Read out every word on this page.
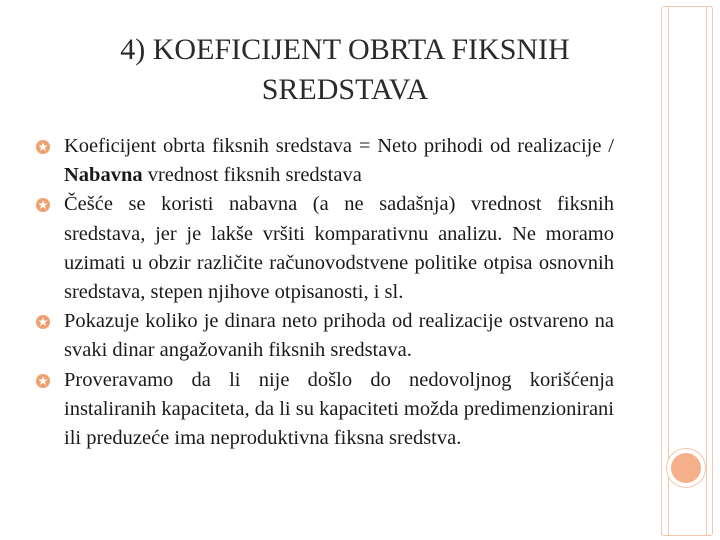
4) KOEFICIJENT OBRTA FIKSNIH
SREDSTAVA
Koeficijent obrta fiksnih sredstava = Neto prihodi od realizacije / Nabavna vrednost fiksnih sredstava
Češće se koristi nabavna (a ne sadašnja) vrednost fiksnih sredstava, jer je lakše vršiti komparativnu analizu. Ne moramo uzimati u obzir različite računovodstvene politike otpisa osnovnih sredstava, stepen njihove otpisanosti, i sl.
Pokazuje koliko je dinara neto prihoda od realizacije ostvareno na svaki dinar angažovanih fiksnih sredstava.
Proveravamo da li nije došlo do nedovoljnog korišćenja instaliranih kapaciteta, da li su kapaciteti možda predimenzionirani ili preduzeće ima neproduktivna fiksna sredstva.
